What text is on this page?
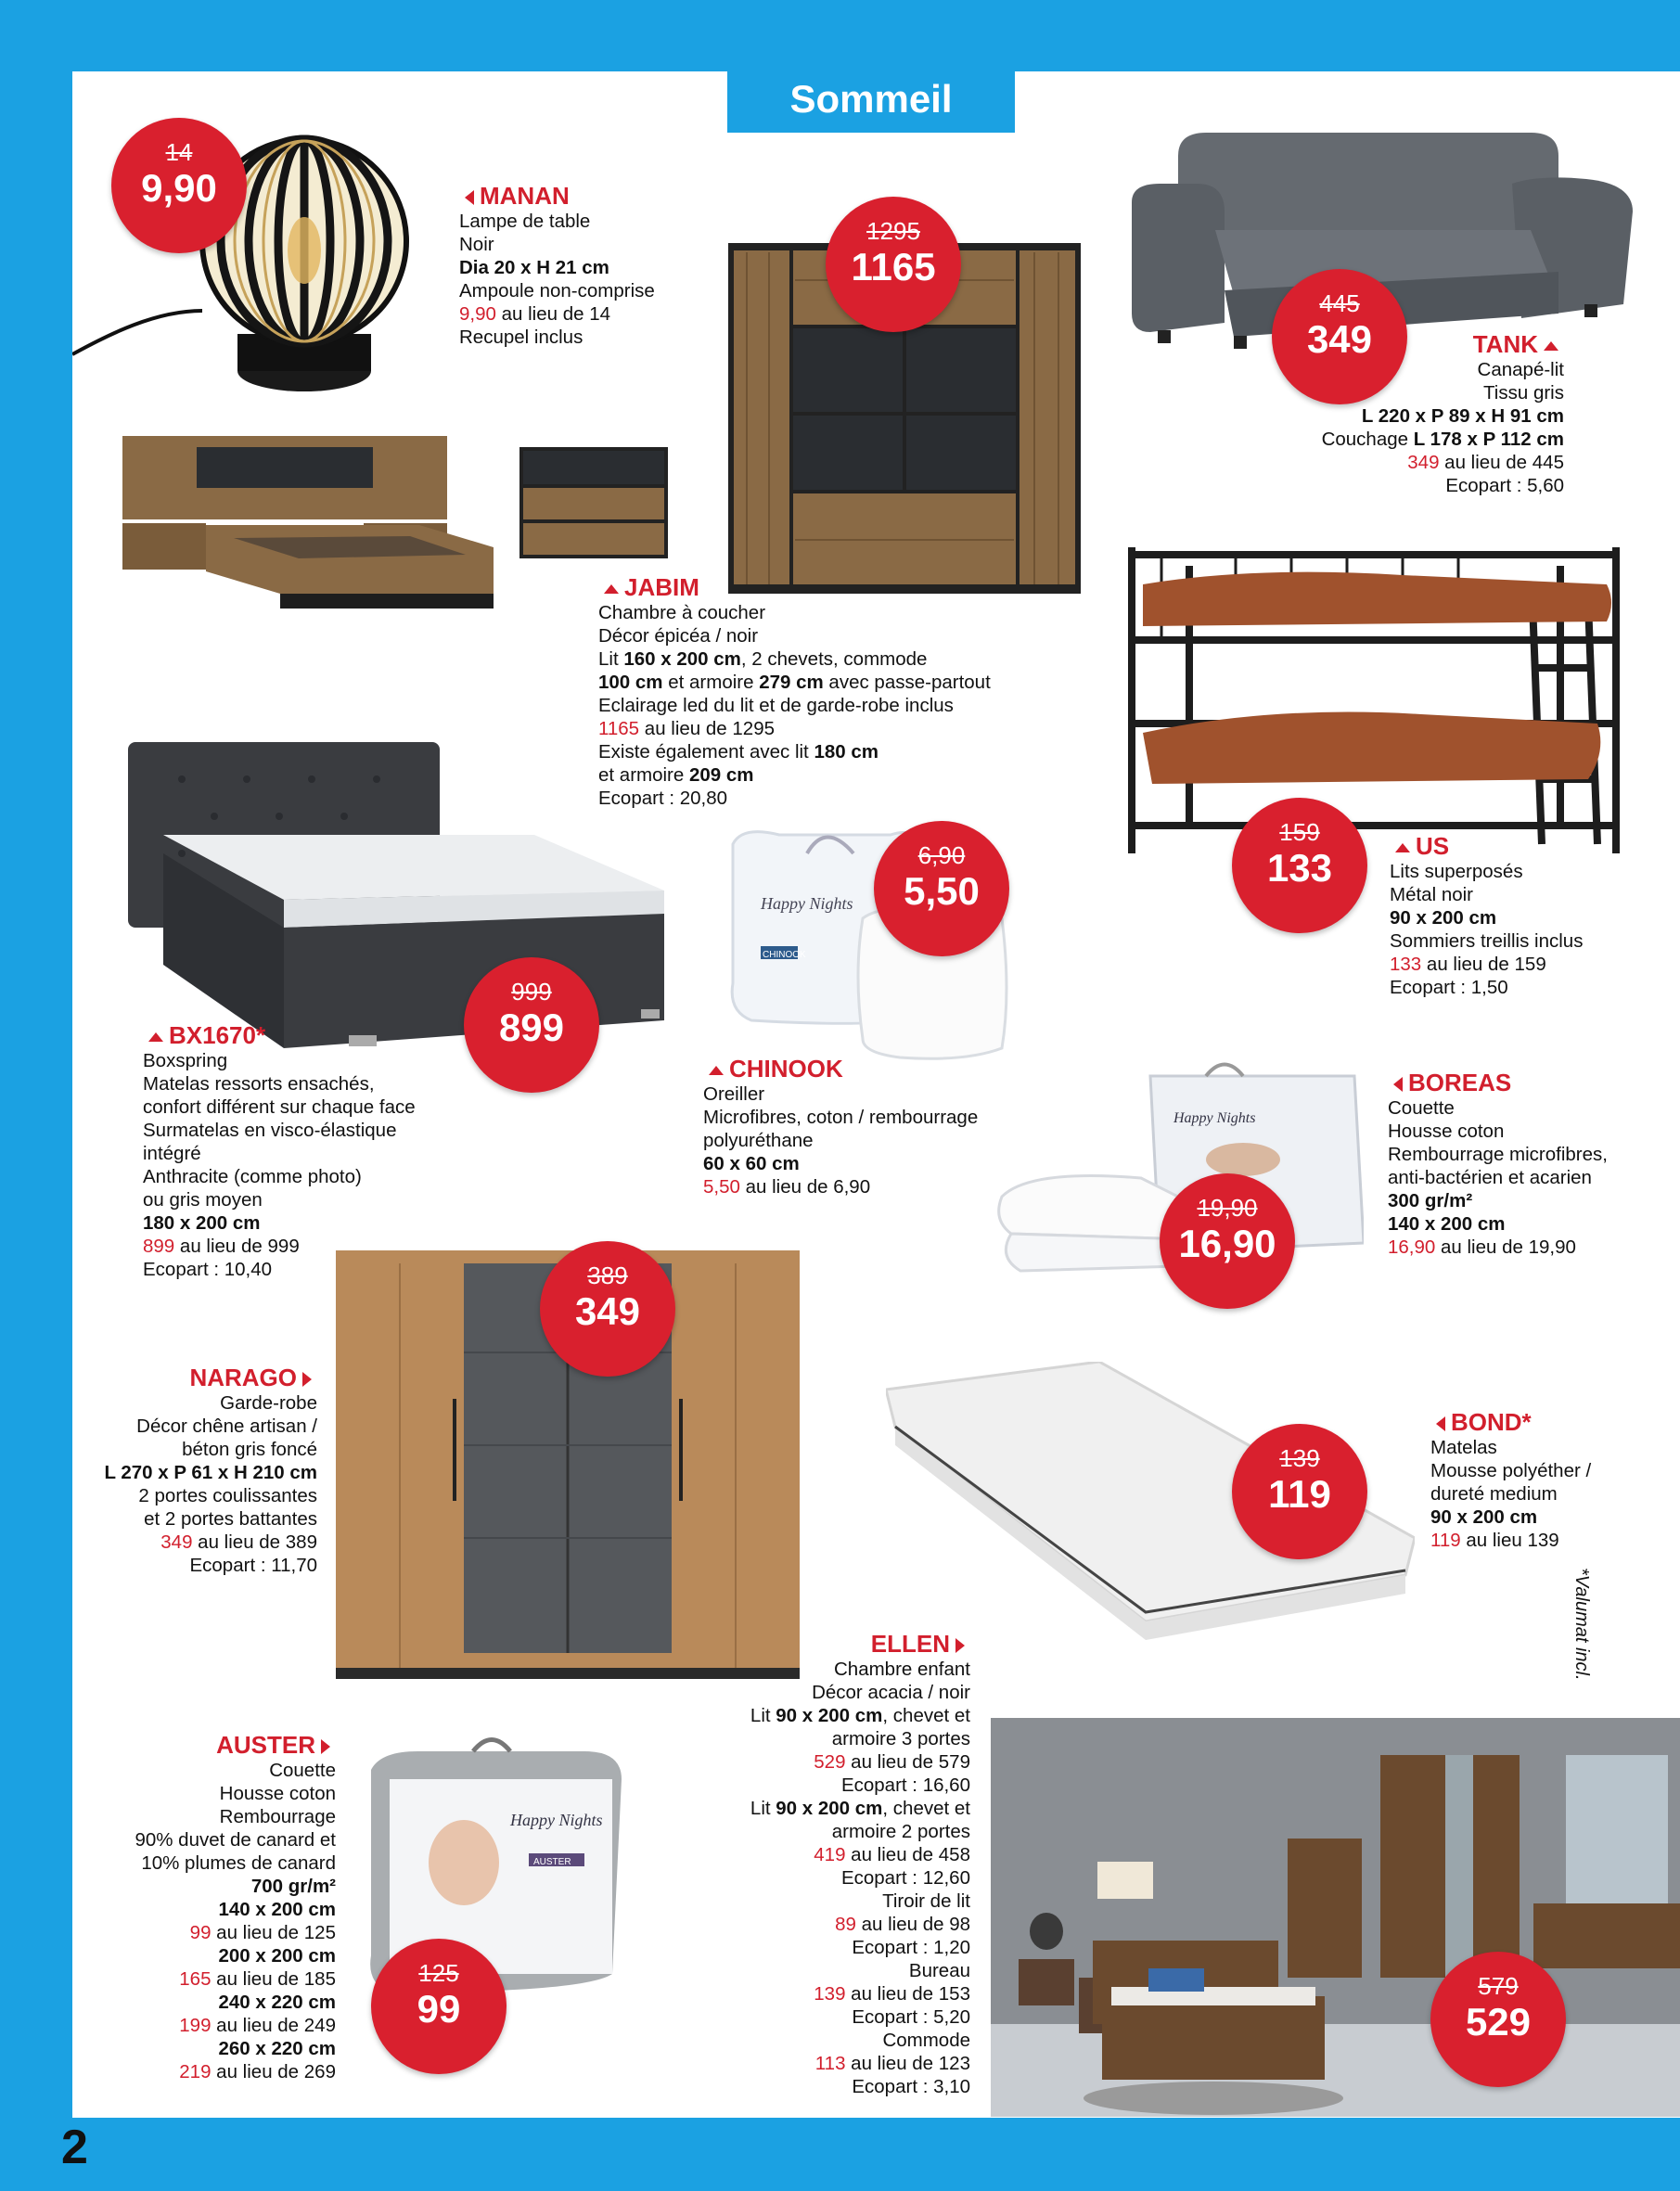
Sommeil
2
*Valumat incl.
Happy Nights
CHINOOK
Happy Nights
Happy Nights
AUSTER
14
9,90
1295
1165
445
349
159
133
6,90
5,50
999
899
19,90
16,90
389
349
139
119
125
99
579
529
MANAN
Lampe de table
Noir
Dia 20 x H 21 cm
Ampoule non-comprise
9,90 au lieu de 14
Recupel inclus
JABIM
Chambre à coucher
Décor épicéa / noir
Lit 160 x 200 cm, 2 chevets, commode
100 cm et armoire 279 cm avec passe-partout
Eclairage led du lit et de garde-robe inclus
1165 au lieu de 1295
Existe également avec lit 180 cm
et armoire 209 cm
Ecopart : 20,80
TANK
Canapé-lit
Tissu gris
L 220 x P 89 x H 91 cm
Couchage L 178 x P 112 cm
349 au lieu de 445
Ecopart : 5,60
US
Lits superposés
Métal noir
90 x 200 cm
Sommiers treillis inclus
133 au lieu de 159
Ecopart : 1,50
BX1670*
Boxspring
Matelas ressorts ensachés,
confort différent sur chaque face
Surmatelas en visco-élastique
intégré
Anthracite (comme photo)
ou gris moyen
180 x 200 cm
899 au lieu de 999
Ecopart : 10,40
CHINOOK
Oreiller
Microfibres, coton / rembourrage
polyuréthane
60 x 60 cm
5,50 au lieu de 6,90
BOREAS
Couette
Housse coton
Rembourrage microfibres,
anti-bactérien et acarien
300 gr/m²
140 x 200 cm
16,90 au lieu de 19,90
NARAGO
Garde-robe
Décor chêne artisan /
béton gris foncé
L 270 x P 61 x H 210 cm
2 portes coulissantes
et 2 portes battantes
349 au lieu de 389
Ecopart : 11,70
BOND*
Matelas
Mousse polyéther /
dureté medium
90 x 200 cm
119 au lieu 139
ELLEN
Chambre enfant
Décor acacia / noir
Lit 90 x 200 cm, chevet et
armoire 3 portes
529 au lieu de 579
Ecopart : 16,60
Lit 90 x 200 cm, chevet et
armoire 2 portes
419 au lieu de 458
Ecopart : 12,60
Tiroir de lit
89 au lieu de 98
Ecopart : 1,20
Bureau
139 au lieu de 153
Ecopart : 5,20
Commode
113 au lieu de 123
Ecopart : 3,10
AUSTER
Couette
Housse coton
Rembourrage
90% duvet de canard et
10% plumes de canard
700 gr/m²
140 x 200 cm
99 au lieu de 125
200 x 200 cm
165 au lieu de 185
240 x 220 cm
199 au lieu de 249
260 x 220 cm
219 au lieu de 269
